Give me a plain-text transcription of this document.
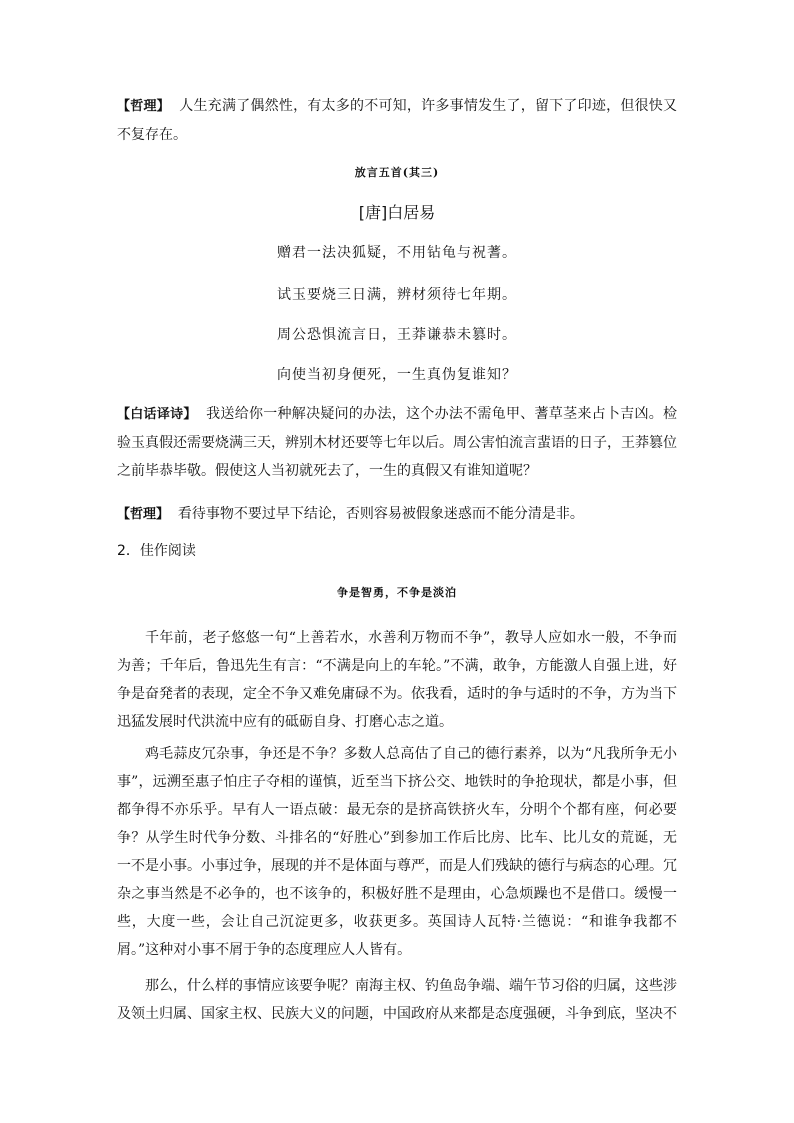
【哲理】 人生充满了偶然性，有太多的不可知，许多事情发生了，留下了印迹，但很快又不复存在。

放言五首(其三)

[唐]白居易

赠君一法决狐疑，不用钻龟与祝蓍。

试玉要烧三日满，辨材须待七年期。

周公恐惧流言日，王莽谦恭未篡时。

向使当初身便死，一生真伪复谁知？

【白话译诗】 我送给你一种解决疑问的办法，这个办法不需龟甲、蓍草茎来占卜吉凶。检验玉真假还需要烧满三天，辨别木材还要等七年以后。周公害怕流言蜚语的日子，王莽篡位之前毕恭毕敬。假使这人当初就死去了，一生的真假又有谁知道呢？

【哲理】 看待事物不要过早下结论，否则容易被假象迷惑而不能分清是非。

2．佳作阅读

争是智勇，不争是淡泊

千年前，老子悠悠一句“上善若水，水善利万物而不争”，教导人应如水一般，不争而为善；千年后，鲁迅先生有言：“不满是向上的车轮。”不满，敢争，方能激人自强上进，好争是奋発者的表现，定全不争又难免庸碌不为。依我看，适时的争与适时的不争，方为当下迅猛发展时代洪流中应有的砥砺自身、打磨心志之道。

鸡毛蒜皮冗杂事，争还是不争？多数人总高估了自己的德行素养，以为“凡我所争无小事”，远溯至惠子怕庄子夺相的谨慎，近至当下挤公交、地铁时的争抢现状，都是小事，但都争得不亦乐乎。早有人一语点破：最无奈的是挤高铁挤火车，分明个个都有座，何必要争？从学生时代争分数、斗排名的“好胜心”到参加工作后比房、比车、比儿女的荒诞，无一不是小事。小事过争，展现的并不是体面与尊严，而是人们残缺的德行与病态的心理。冗杂之事当然是不必争的，也不该争的，积极好胜不是理由，心急烦躁也不是借口。缓慢一些，大度一些，会让自己沉淀更多，收获更多。英国诗人瓦特·兰德说：“和谁争我都不屑。”这种对小事不屑于争的态度理应人人皆有。

那么，什么样的事情应该要争呢？南海主权、钓鱼岛争端、端午节习俗的归属，这些涉及领土归属、国家主权、民族大义的问题，中国政府从来都是态度强硬，斗争到底，坚决不
